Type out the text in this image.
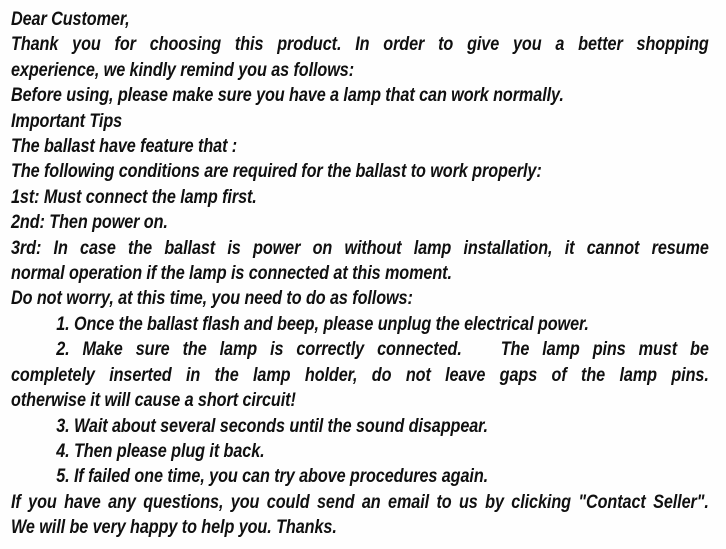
Dear Customer,
Thank you for choosing this product. In order to give you a better shopping
experience, we kindly remind you as follows:
Before using, please make sure you have a lamp that can work normally.
Important Tips
The ballast have feature that :
The following conditions are required for the ballast to work properly:
1st: Must connect the lamp first.
2nd: Then power on.
3rd: In case the ballast is power on without lamp installation, it cannot resume
normal operation if the lamp is connected at this moment.
Do not worry, at this time, you need to do as follows:
1. Once the ballast flash and beep, please unplug the electrical power.
2. Make sure the lamp is correctly connected.   The lamp pins must be
completely inserted in the lamp holder, do not leave gaps of the lamp pins.
otherwise it will cause a short circuit!
3. Wait about several seconds until the sound disappear.
4. Then please plug it back.
5. If failed one time, you can try above procedures again.
If you have any questions, you could send an email to us by clicking "Contact Seller".
We will be very happy to help you. Thanks.
